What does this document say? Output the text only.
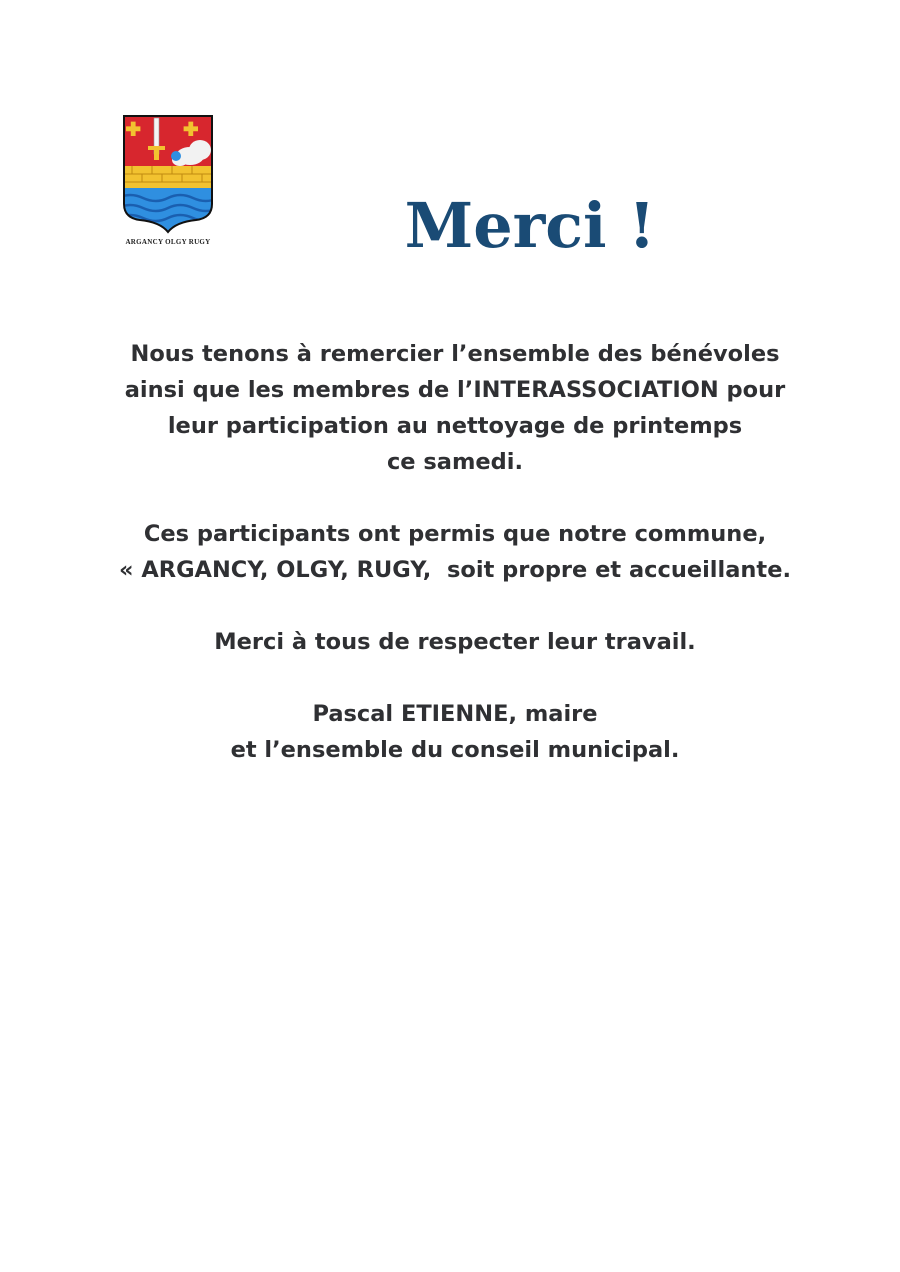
ARGANCY OLGY RUGY	Merci !

Nous tenons à remercier l’ensemble des bénévoles
ainsi que les membres de l’INTERASSOCIATION pour
leur participation au nettoyage de printemps
ce samedi.

Ces participants ont permis que notre commune,
« ARGANCY, OLGY, RUGY,  soit propre et accueillante.

Merci à tous de respecter leur travail.

Pascal ETIENNE, maire
et l’ensemble du conseil municipal.
